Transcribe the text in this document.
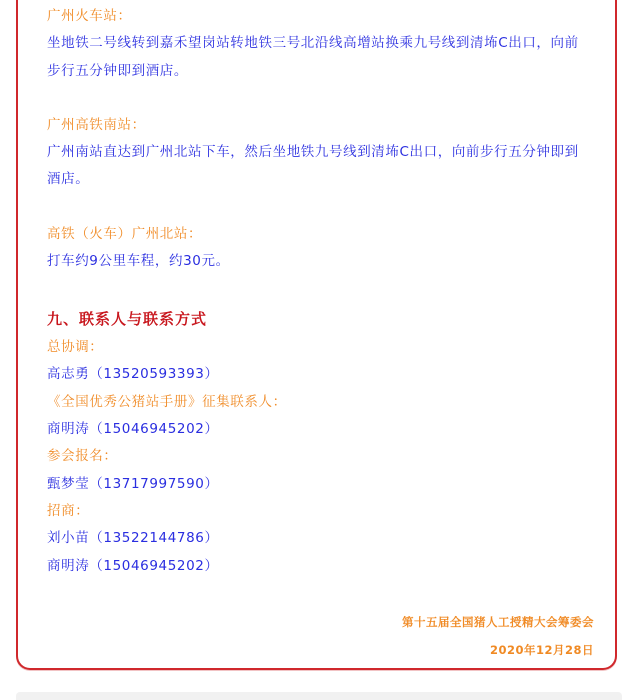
广州火车站：

坐地铁二号线转到嘉禾望岗站转地铁三号北沿线高增站换乘九号线到清㘵C出口，向前

步行五分钟即到酒店。

广州高铁南站：

广州南站直达到广州北站下车，然后坐地铁九号线到清㘵C出口，向前步行五分钟即到

酒店。

高铁（火车）广州北站：

打车约9公里车程，约30元。

九、联系人与联系方式

总协调：

高志勇（13520593393）

《全国优秀公猪站手册》征集联系人：

商明涛（15046945202）

参会报名：

甄梦莹（13717997590）

招商：

刘小苗（13522144786）

商明涛（15046945202）

第十五届全国猪人工授精大会筹委会

2020年12月28日
